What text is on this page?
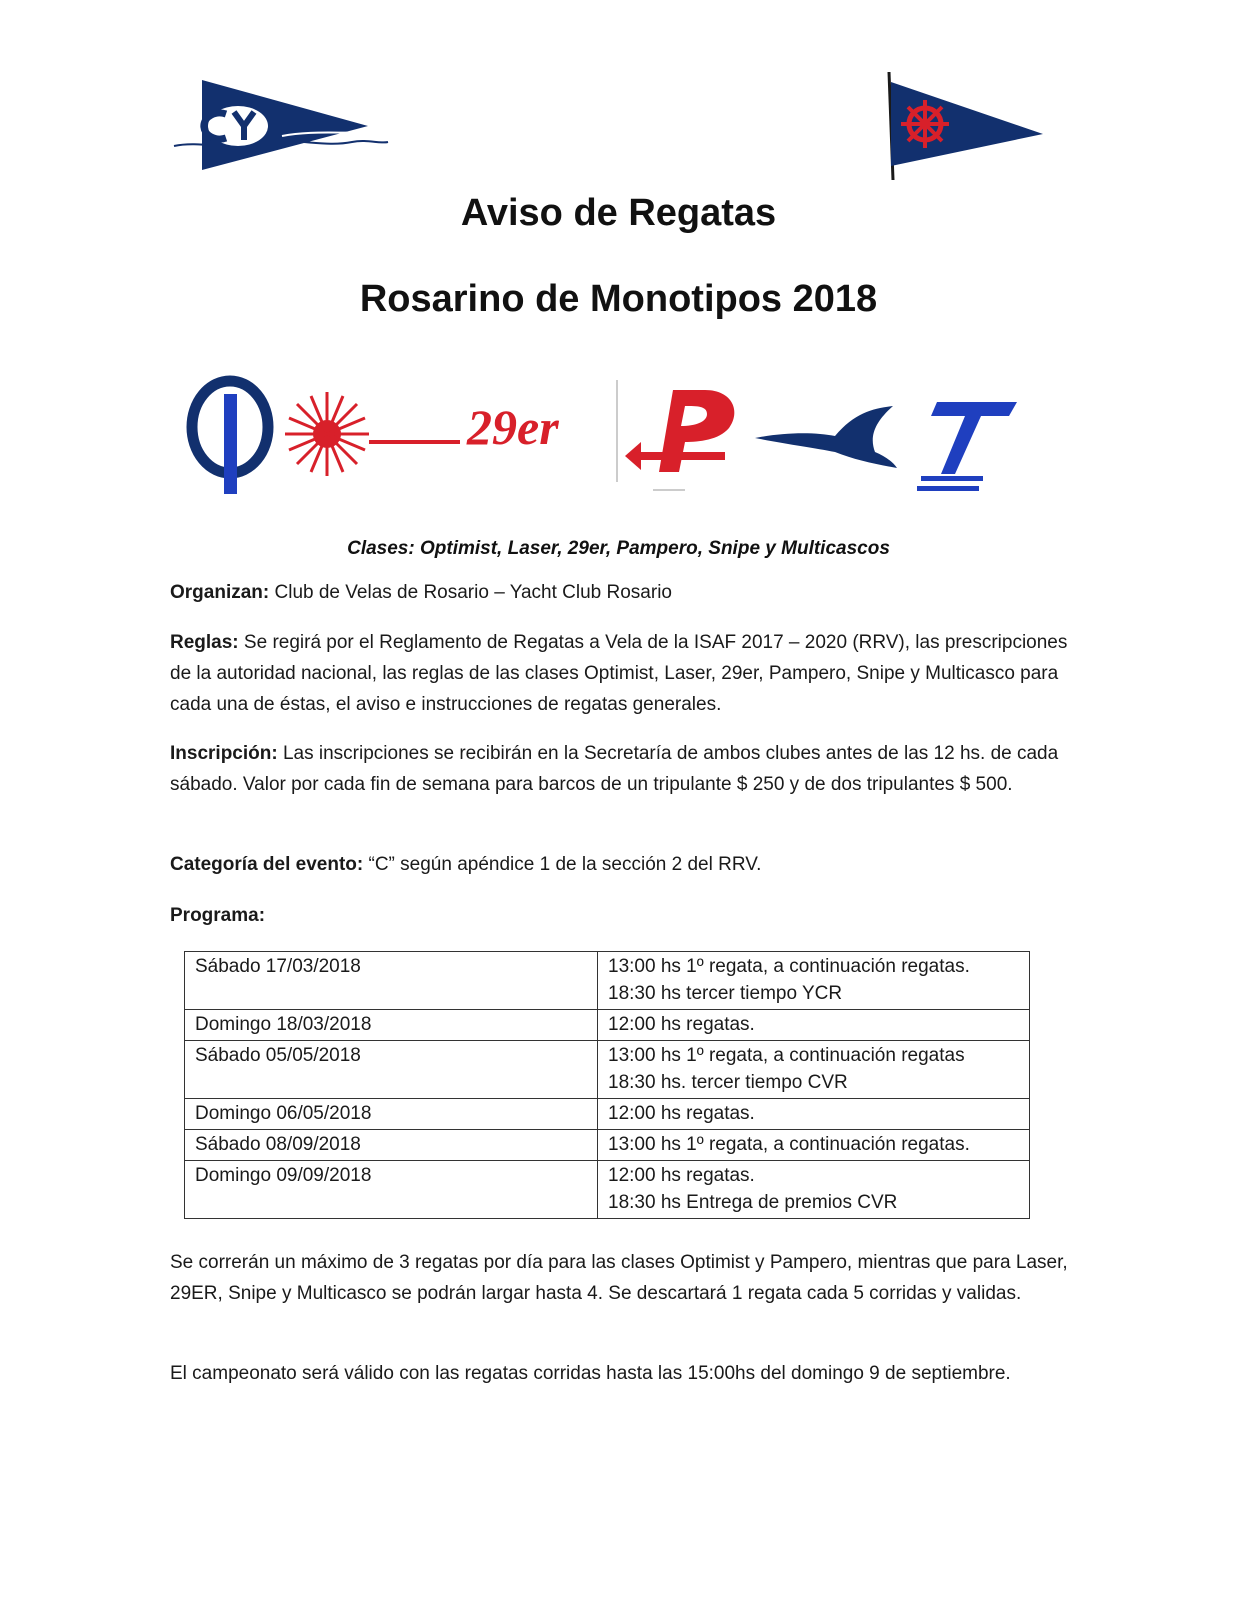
Aviso de Regatas
Rosarino de Monotipos 2018
29er
Clases: Optimist, Laser, 29er, Pampero, Snipe y Multicascos

Organizan: Club de Velas de Rosario – Yacht Club Rosario

Reglas: Se regirá por el Reglamento de Regatas a Vela de la ISAF 2017 – 2020 (RRV), las prescripciones de la autoridad nacional, las reglas de las clases Optimist, Laser, 29er, Pampero, Snipe y Multicasco para cada una de éstas, el aviso e instrucciones de regatas generales.

Inscripción: Las inscripciones se recibirán en la Secretaría de ambos clubes antes de las 12 hs. de cada sábado. Valor por cada fin de semana para barcos de un tripulante $ 250 y de dos tripulantes $ 500.

Categoría del evento: “C” según apéndice 1 de la sección 2 del RRV.

Programa:

Sábado 17/03/2018	13:00 hs 1º regata, a continuación regatas.
18:30 hs tercer tiempo YCR

Domingo 18/03/2018	12:00 hs regatas.

Sábado 05/05/2018	13:00 hs 1º regata, a continuación regatas
18:30 hs. tercer tiempo CVR

Domingo 06/05/2018	12:00 hs regatas.

Sábado 08/09/2018	13:00 hs 1º regata, a continuación regatas.

Domingo 09/09/2018	12:00 hs regatas.
18:30 hs Entrega de premios CVR

Se correrán un máximo de 3 regatas por día para las clases Optimist y Pampero, mientras que para Laser, 29ER, Snipe y Multicasco se podrán largar hasta 4. Se descartará 1 regata cada 5 corridas y validas.

El campeonato será válido con las regatas corridas hasta las 15:00hs del domingo 9 de septiembre.
